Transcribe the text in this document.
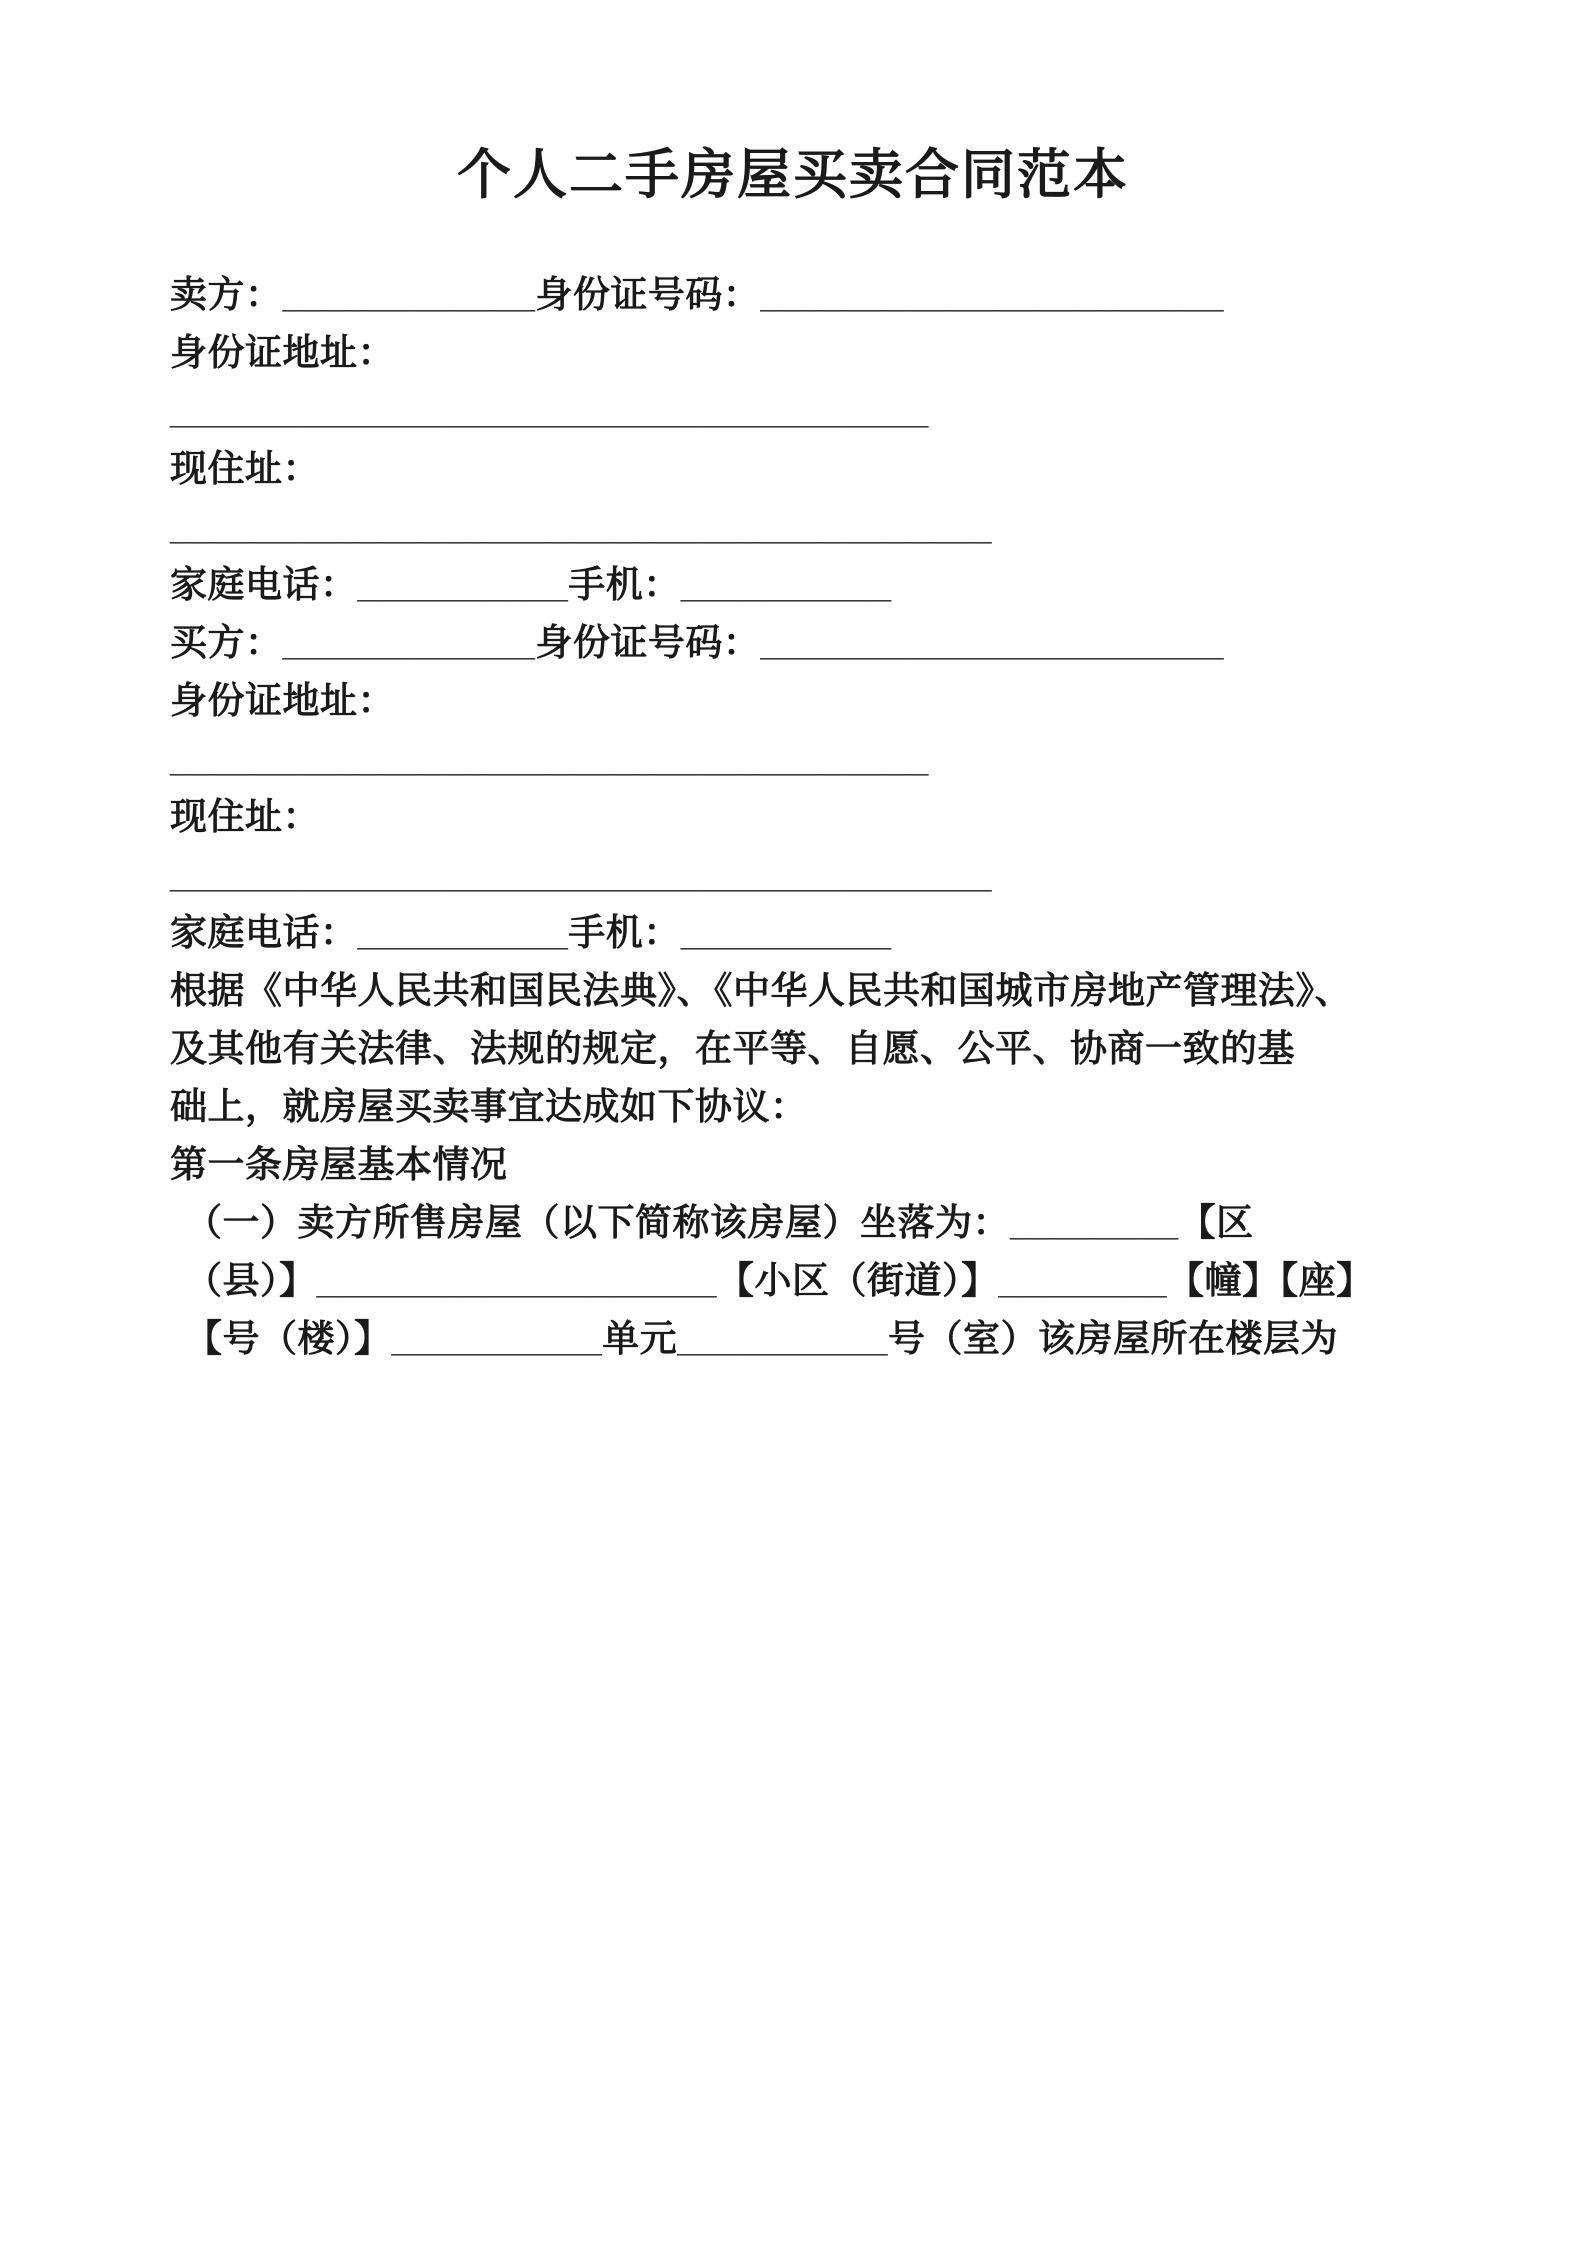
个人二手房屋买卖合同范本

卖方：____________身份证号码：______________________

身份证地址：

____________________________________

现住址：

_______________________________________

家庭电话：__________手机：__________

买方：____________身份证号码：______________________

身份证地址：

____________________________________

现住址：

_______________________________________

家庭电话：__________手机：__________

根据《中华人民共和国民法典》、《中华人民共和国城市房地产管理法》、

及其他有关法律、法规的规定，在平等、自愿、公平、协商一致的基

础上，就房屋买卖事宜达成如下协议：

第一条房屋基本情况

（一）卖方所售房屋（以下简称该房屋）坐落为：________【区

（县）】___________________【小区（街道）】________【幢】【座】

【号（楼）】__________单元__________号（室）该房屋所在楼层为
